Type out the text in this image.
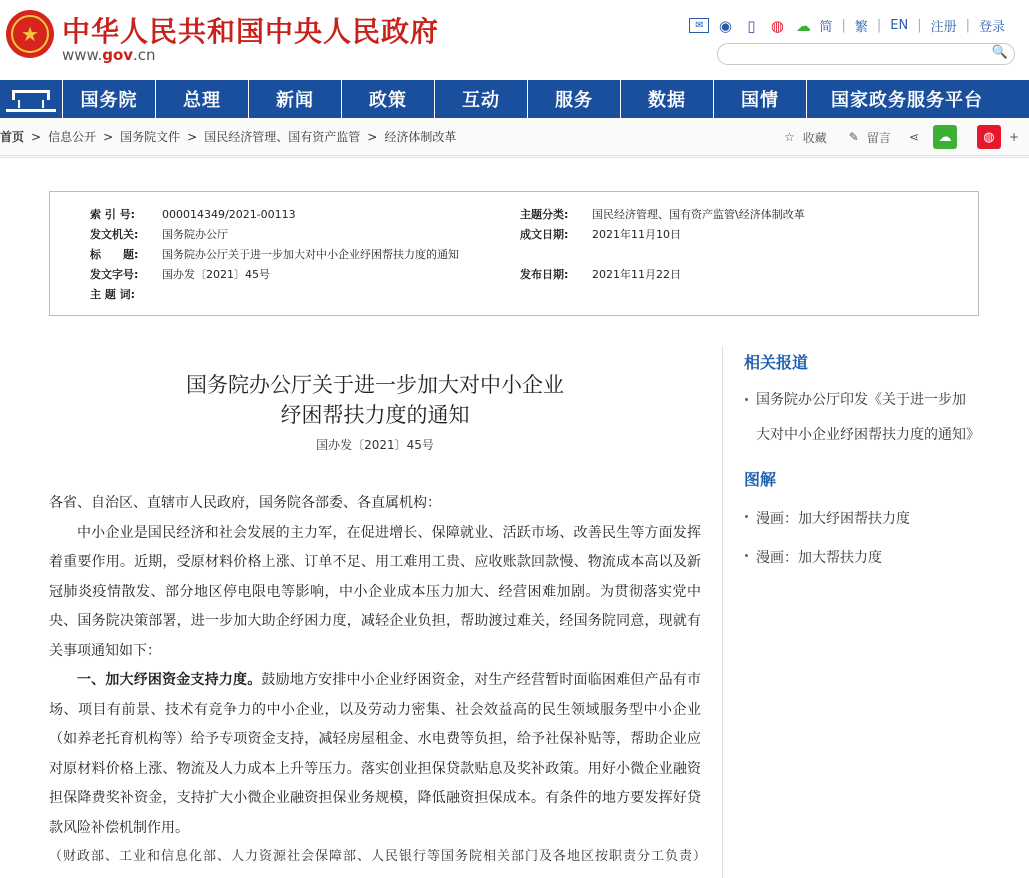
★ 中华人民共和国中央人民政府
www.gov.cn
✉	◉	▯	◍ ☁ 简 | 繁 | EN | 注册 | 登录
🔍
国务院	总理	新闻	政策	互动	服务	数据	国情	国家政务服务平台
首页 > 信息公开 > 国务院文件 > 国民经济管理、国有资产监管 > 经济体制改革	☆ 收藏 ✎ 留言 ⋖	☁	◍	+
索 引 号:	000014349/2021-00113	主题分类:	国民经济管理、国有资产监管\经济体制改革
发文机关:	国务院办公厅	成文日期:	2021年11月10日
标　　题:	国务院办公厅关于进一步加大对中小企业纾困帮扶力度的通知
发文字号:	国办发〔2021〕45号	发布日期:	2021年11月22日
主 题 词:
国务院办公厅关于进一步加大对中小企业
纾困帮扶力度的通知
国办发〔2021〕45号

各省、自治区、直辖市人民政府，国务院各部委、各直属机构：

中小企业是国民经济和社会发展的主力军，在促进增长、保障就业、活跃市场、改善民生等方面发挥着重要作用。近期，受原材料价格上涨、订单不足、用工难用工贵、应收账款回款慢、物流成本高以及新冠肺炎疫情散发、部分地区停电限电等影响，中小企业成本压力加大、经营困难加剧。为贯彻落实党中央、国务院决策部署，进一步加大助企纾困力度，减轻企业负担，帮助渡过难关，经国务院同意，现就有关事项通知如下：

一、加大纾困资金支持力度。鼓励地方安排中小企业纾困资金，对生产经营暂时面临困难但产品有市场、项目有前景、技术有竞争力的中小企业，以及劳动力密集、社会效益高的民生领域服务型中小企业（如养老托育机构等）给予专项资金支持，减轻房屋租金、水电费等负担，给予社保补贴等，帮助企业应对原材料价格上涨、物流及人力成本上升等压力。落实创业担保贷款贴息及奖补政策。用好小微企业融资担保降费奖补资金，支持扩大小微企业融资担保业务规模，降低融资担保成本。有条件的地方要发挥好贷款风险补偿机制作用。

（财政部、工业和信息化部、人力资源社会保障部、人民银行等国务院相关部门及各地区按职责分工负责）

相关报道
国务院办公厅印发《关于进一步加大对中小企业纾困帮扶力度的通知》
图解
漫画：加大纾困帮扶力度
漫画：加大帮扶力度
